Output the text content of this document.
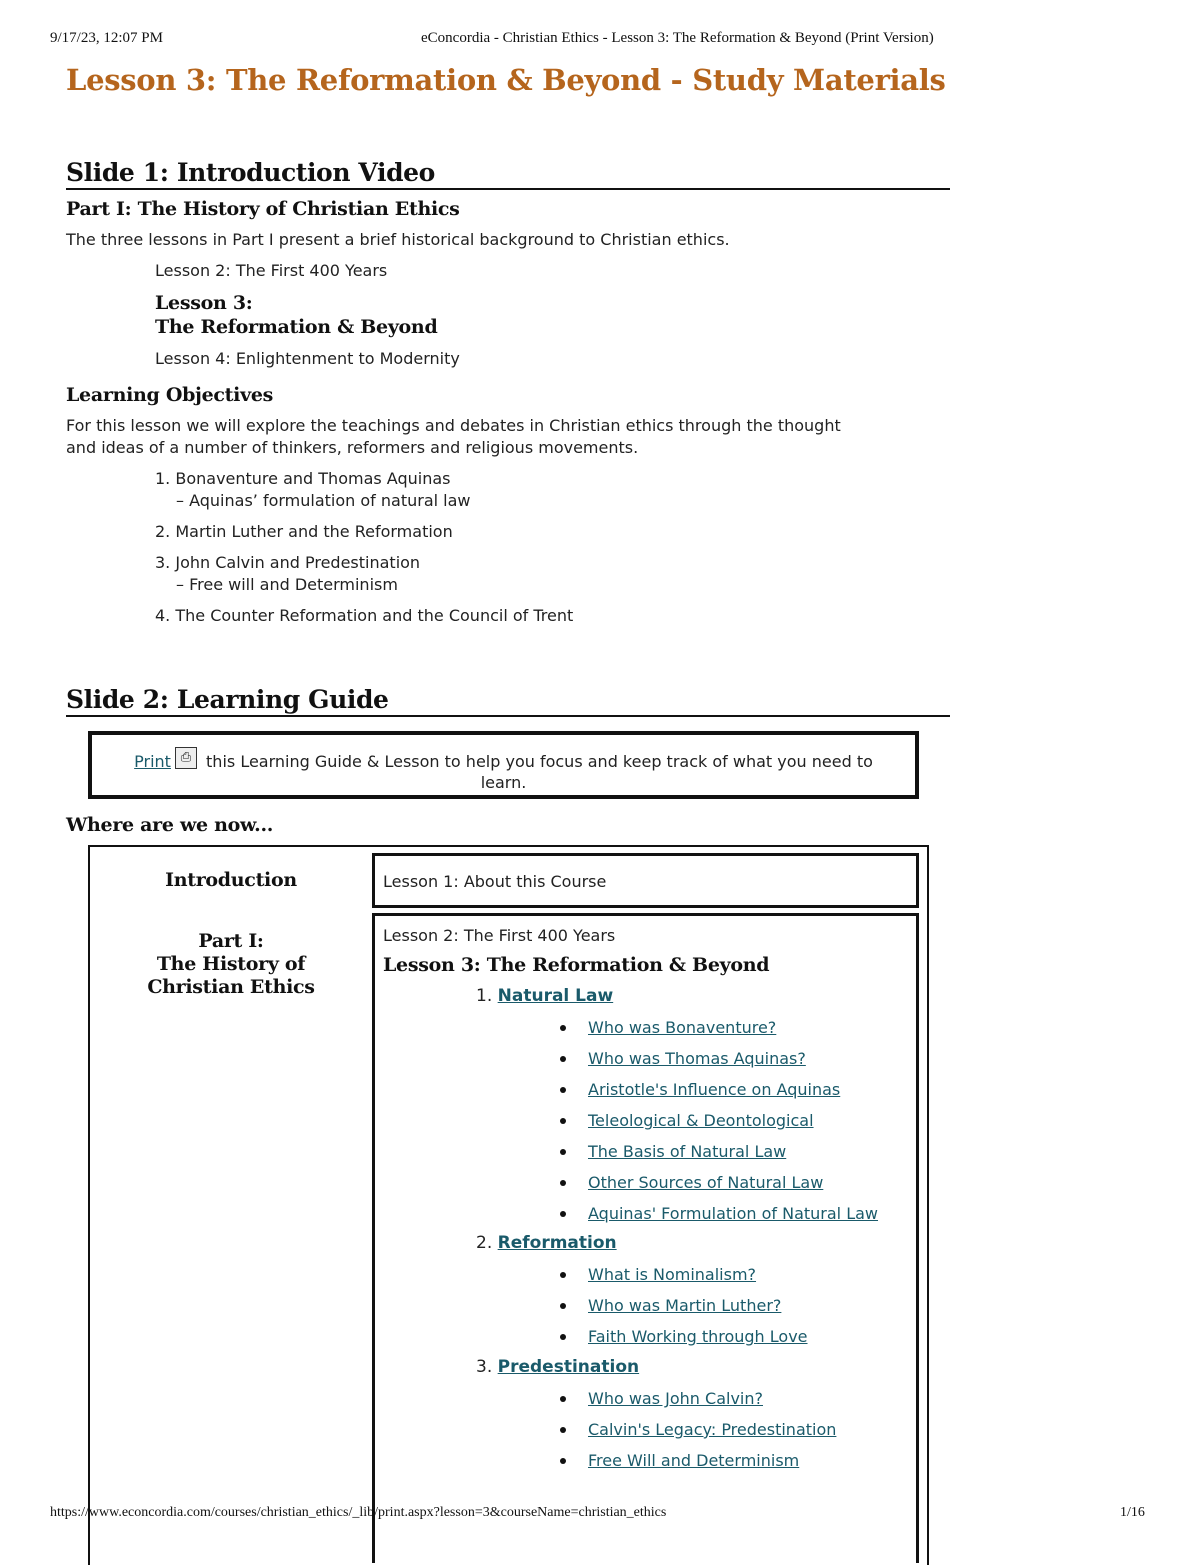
9/17/23, 12:07 PM	eConcordia - Christian Ethics - Lesson 3: The Reformation & Beyond (Print Version)
Lesson 3: The Reformation & Beyond - Study Materials
Slide 1: Introduction Video
Part I: The History of Christian Ethics
The three lessons in Part I present a brief historical background to Christian ethics.
Lesson 2: The First 400 Years
Lesson 3:
The Reformation & Beyond
Lesson 4: Enlightenment to Modernity
Learning Objectives
For this lesson we will explore the teachings and debates in Christian ethics through the thought
and ideas of a number of thinkers, reformers and religious movements.
1. Bonaventure and Thomas Aquinas
– Aquinas’ formulation of natural law
2. Martin Luther and the Reformation
3. John Calvin and Predestination
– Free will and Determinism
4. The Counter Reformation and the Council of Trent
Slide 2: Learning Guide
Print ⎙ this Learning Guide & Lesson to help you focus and keep track of what you need to
learn.
Where are we now...
Introduction
Part I:
The History of
Christian Ethics
Lesson 1: About this Course
Lesson 2: The First 400 Years
Lesson 3: The Reformation & Beyond
1. Natural Law
Who was Bonaventure?
Who was Thomas Aquinas?
Aristotle's Influence on Aquinas
Teleological & Deontological
The Basis of Natural Law
Other Sources of Natural Law
Aquinas' Formulation of Natural Law
2. Reformation
What is Nominalism?
Who was Martin Luther?
Faith Working through Love
3. Predestination
Who was John Calvin?
Calvin's Legacy: Predestination
Free Will and Determinism
https://www.econcordia.com/courses/christian_ethics/_lib/print.aspx?lesson=3&courseName=christian_ethics	1/16
